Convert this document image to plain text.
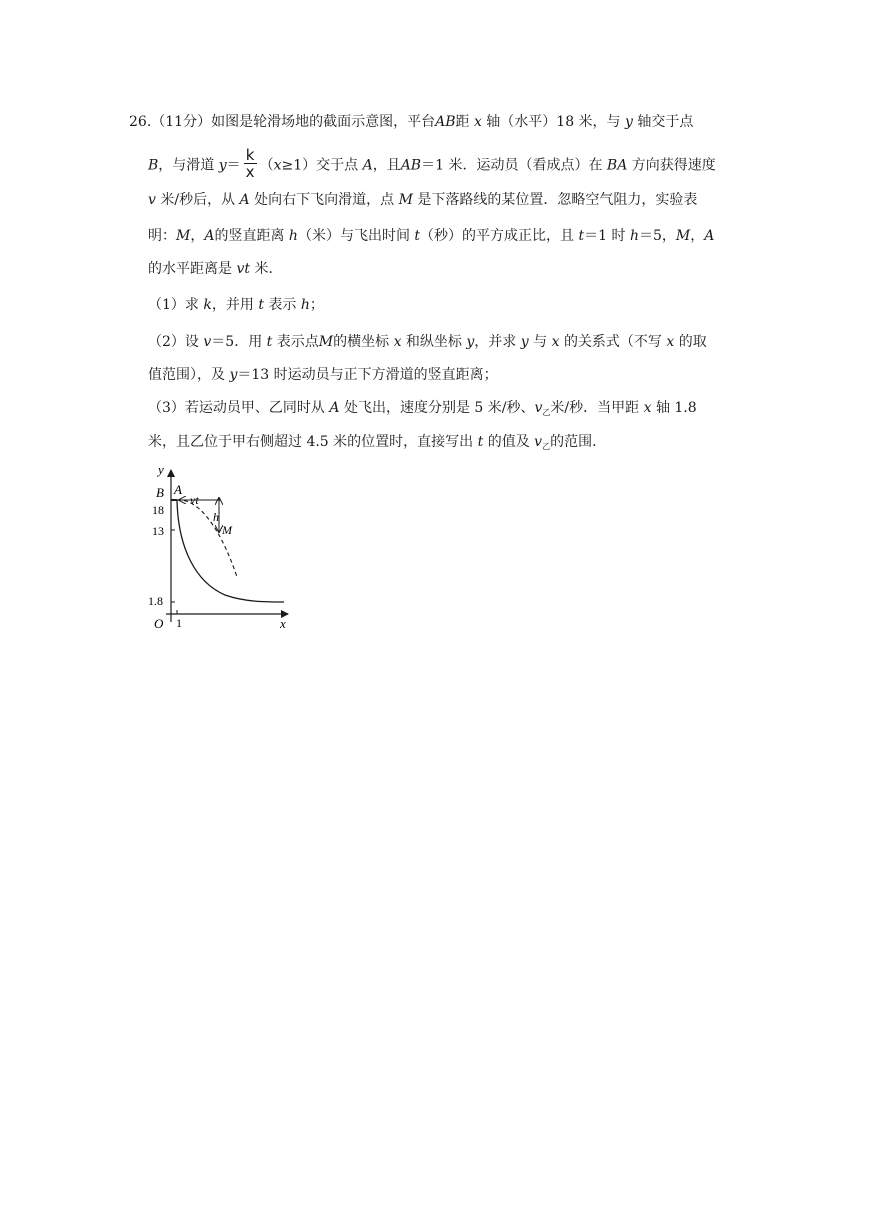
26.（11分）如图是轮滑场地的截面示意图，平台AB距 x 轴（水平）18 米，与 y 轴交于点
B，与滑道 $y= \frac{k}{x} (x\ge 1)$交于点 A，且AB＝1 米．运动员（看成点）在 BA 方向获得速度
v 米/秒后，从 A 处向右下飞向滑道，点 M 是下落路线的某位置．忽略空气阻力，实验表
明：M，A的竖直距离 h（米）与飞出时间 t（秒）的平方成正比，且 t＝1 时 h＝5，M，A
的水平距离是 vt 米．
（1）求 k，并用 t 表示 h；
（2）设 v＝5．用 t 表示点M的横坐标 x 和纵坐标 y，并求 y 与 x 的关系式（不写 x 的取
值范围），及 y＝13 时运动员与正下方滑道的竖直距离；
（3）若运动员甲、乙同时从 A 处飞出，速度分别是 5 米/秒、$v_乙$米/秒．当甲距 x 轴 1.8
米，且乙位于甲右侧超过 4.5 米的位置时，直接写出 t 的值及 $v_乙$的范围．
y
x
O
B A
vt
h
M
18
13
1.8
1
